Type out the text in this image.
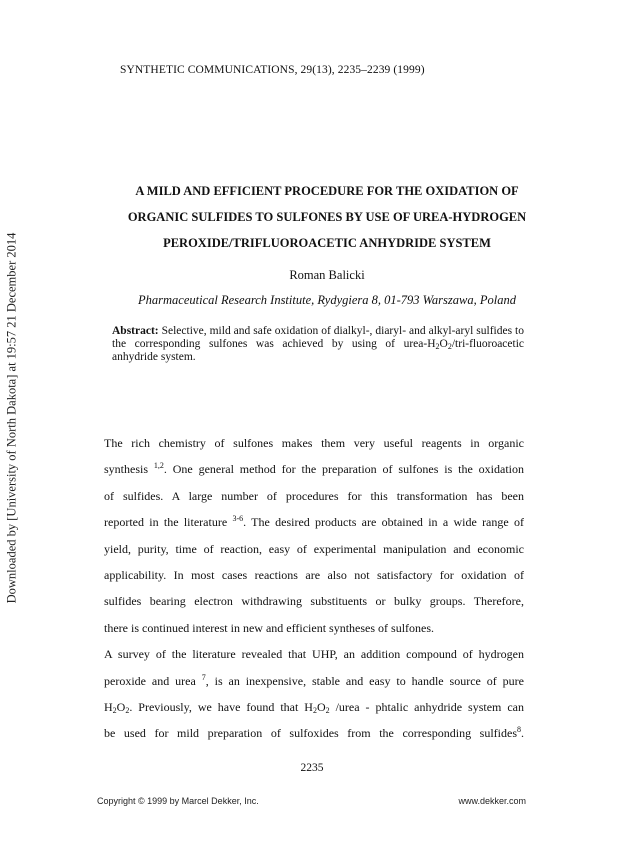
Downloaded by [University of North Dakota] at 19:57 21 December 2014
SYNTHETIC COMMUNICATIONS, 29(13), 2235–2239 (1999)
A MILD AND EFFICIENT PROCEDURE FOR THE OXIDATION OF
ORGANIC SULFIDES TO SULFONES BY USE OF UREA-HYDROGEN
PEROXIDE/TRIFLUOROACETIC ANHYDRIDE SYSTEM
Roman Balicki
Pharmaceutical Research Institute, Rydygiera 8, 01-793 Warszawa, Poland
Abstract: Selective, mild and safe oxidation of dialkyl-, diaryl- and alkyl-aryl sulfides to the corresponding sulfones was achieved by using of urea-$H_2O_2/tri$-fluoroacetic anhydride system.
The rich chemistry of sulfones makes them very useful reagents in organic
synthesis $^{1,2}$. One general method for the preparation of sulfones is the oxidation
of sulfides. A large number of procedures for this transformation has been
reported in the literature $^{3-6}$. The desired products are obtained in a wide range of
yield, purity, time of reaction, easy of experimental manipulation and economic
applicability. In most cases reactions are also not satisfactory for oxidation of
sulfides bearing electron withdrawing substituents or bulky groups. Therefore,
there is continued interest in new and efficient syntheses of sulfones.
A survey of the literature revealed that UHP, an addition compound of hydrogen
peroxide and urea $^7$, is an inexpensive, stable and easy to handle source of pure
$H_2O_2$. Previously, we have found that $H_2O_2$ /urea - phtalic anhydride system can
be used for mild preparation of sulfoxides from the corresponding sulfides$^8$.
2235
Copyright © 1999 by Marcel Dekker, Inc.	www.dekker.com
